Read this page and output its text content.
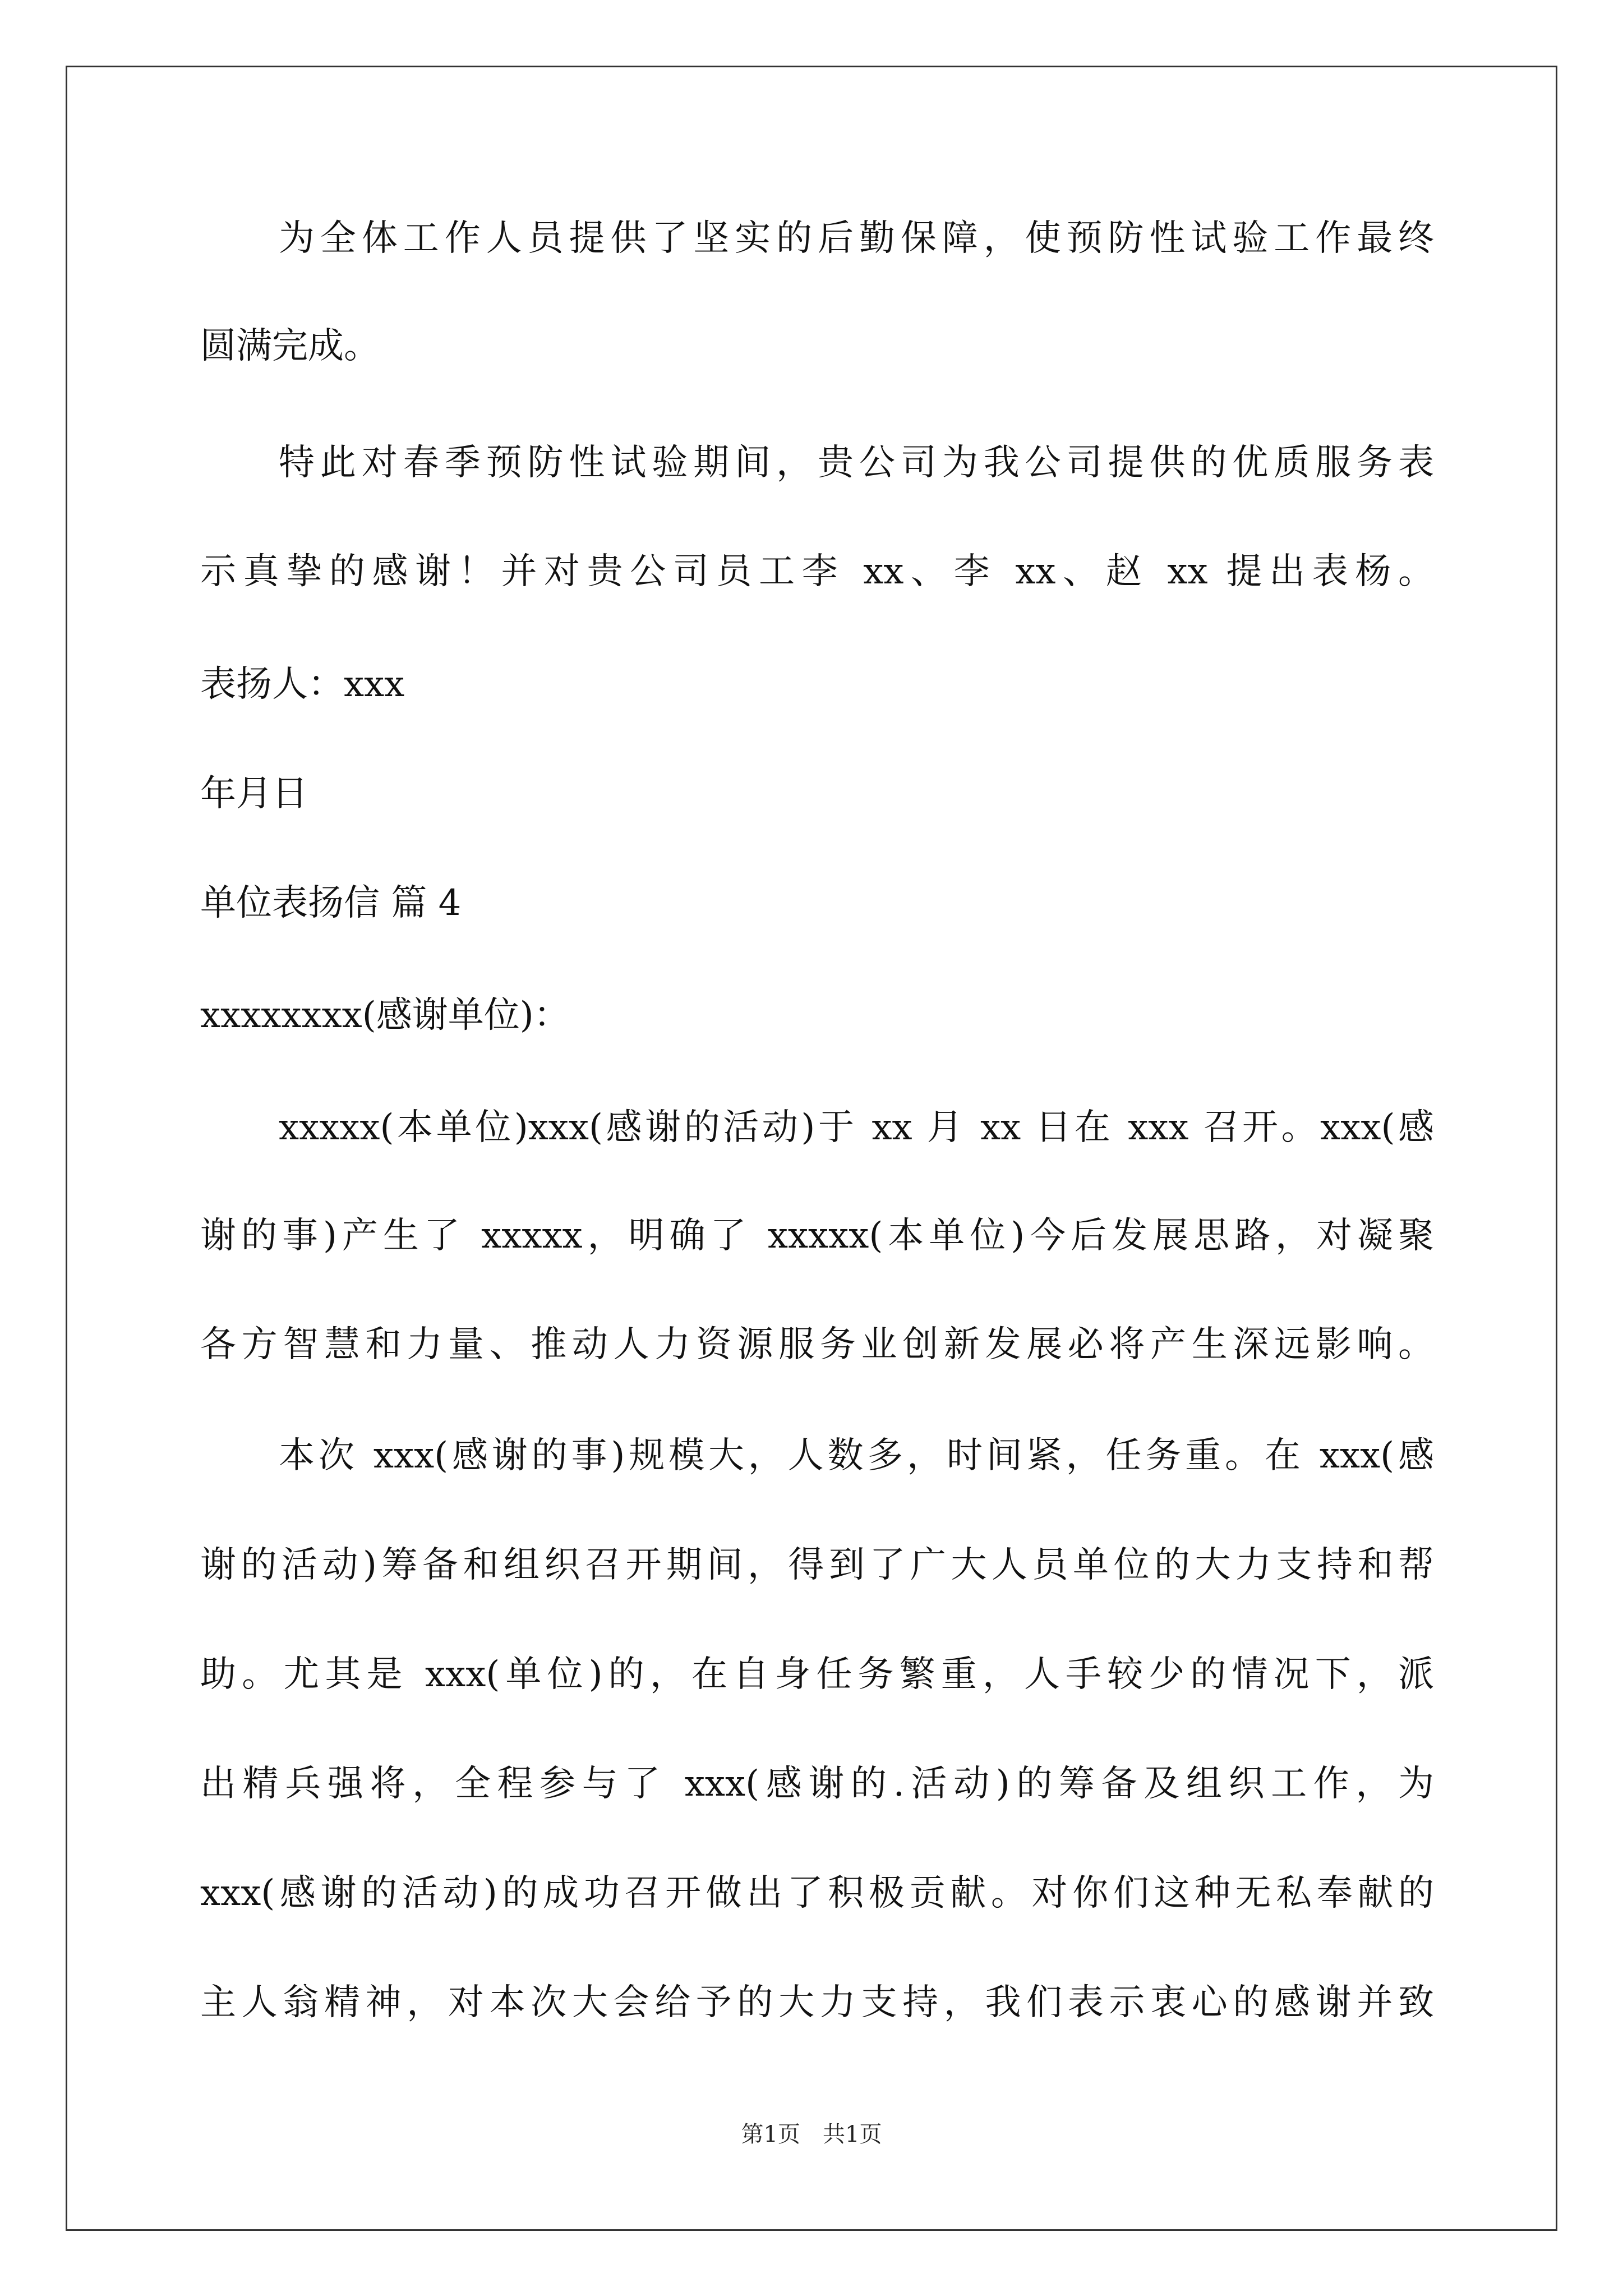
为全体工作人员提供了坚实的后勤保障，使预防性试验工作最终
圆满完成。
特此对春季预防性试验期间，贵公司为我公司提供的优质服务表
示真挚的感谢！并对贵公司员工李 xx、李 xx、赵 xx 提出表杨。
表扬人：xxx
年月日
单位表扬信 篇 4
xxxxxxxx(感谢单位)：
xxxxx(本单位)xxx(感谢的活动)于 xx 月 xx 日在 xxx 召开。xxx(感
谢的事)产生了 xxxxx，明确了 xxxxx(本单位)今后发展思路，对凝聚
各方智慧和力量、推动人力资源服务业创新发展必将产生深远影响。
本次 xxx(感谢的事)规模大，人数多，时间紧，任务重。在 xxx(感
谢的活动)筹备和组织召开期间，得到了广大人员单位的大力支持和帮
助。尤其是 xxx(单位)的，在自身任务繁重，人手较少的情况下，派
出精兵强将，全程参与了 xxx(感谢的.活动)的筹备及组织工作，为
xxx(感谢的活动)的成功召开做出了积极贡献。对你们这种无私奉献的
主人翁精神，对本次大会给予的大力支持，我们表示衷心的感谢并致
第1页　共1页
